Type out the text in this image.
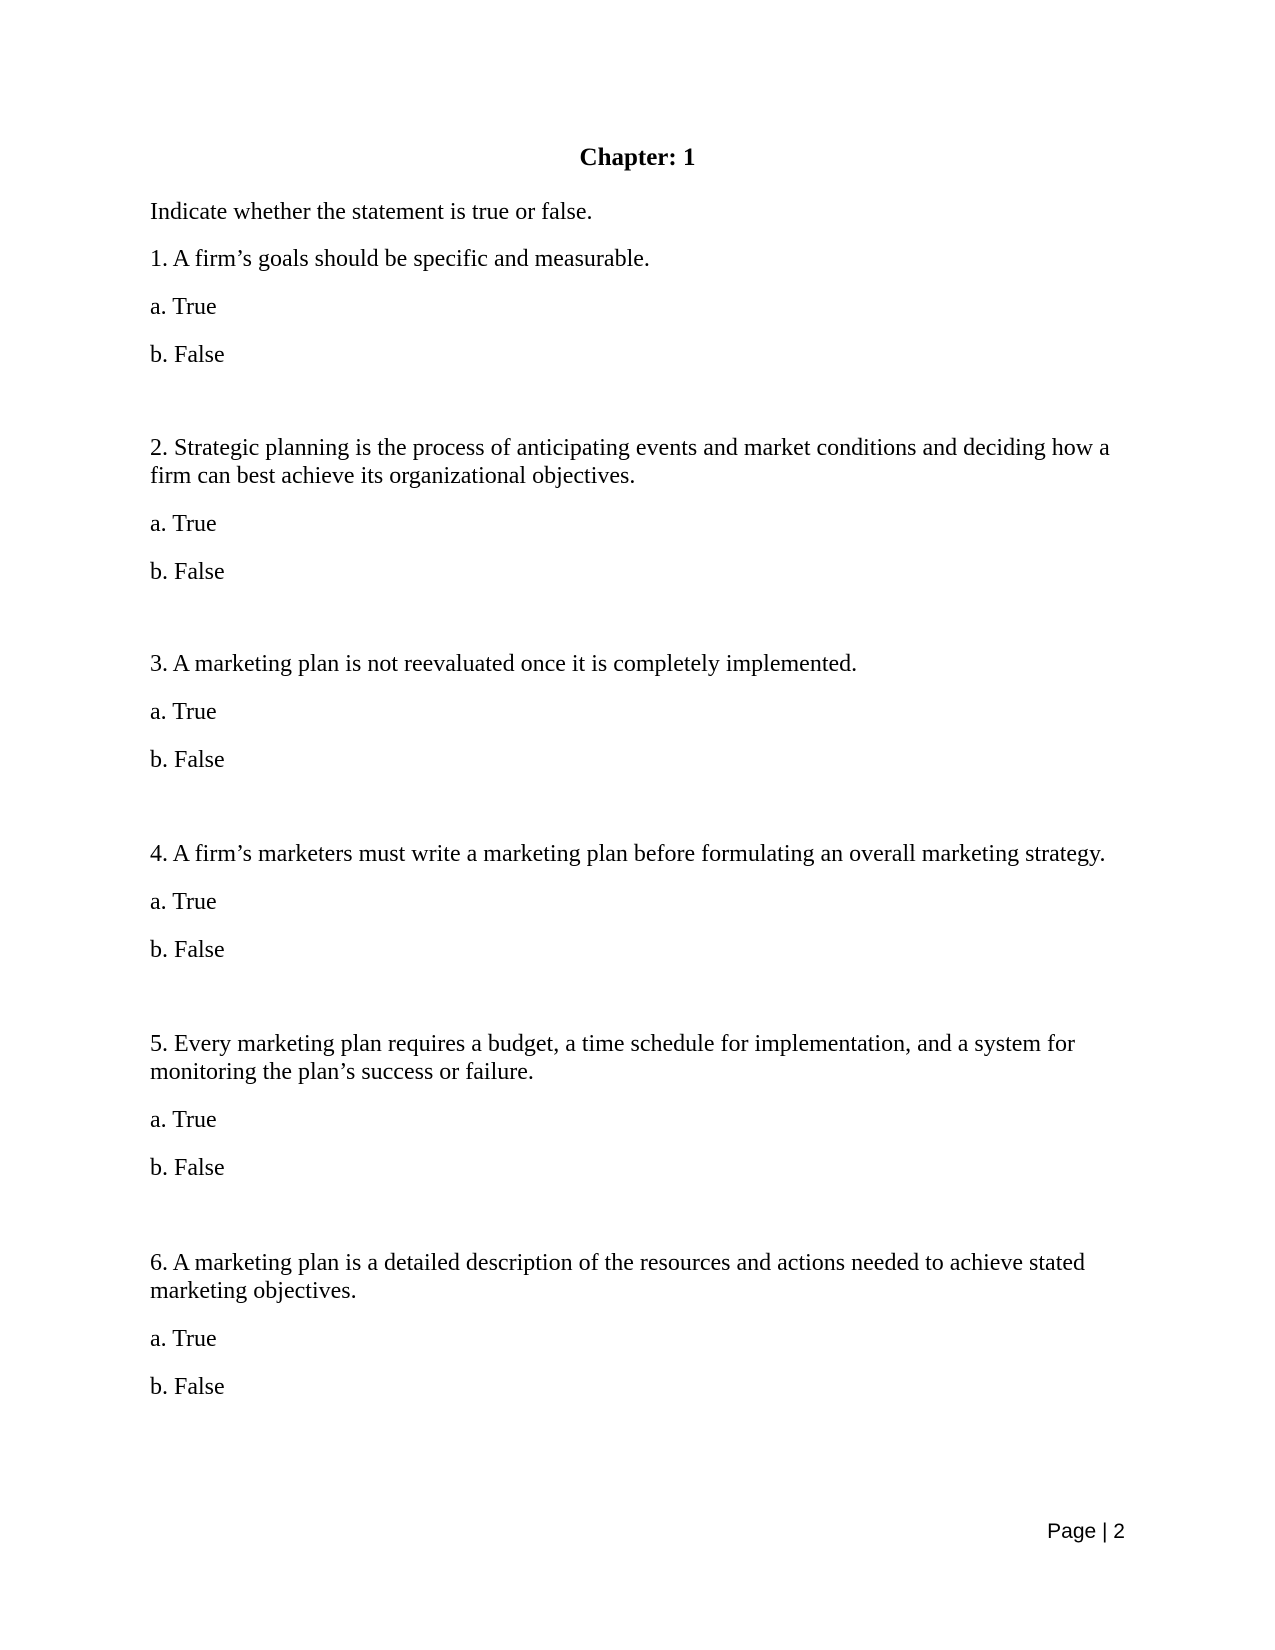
Chapter: 1
Indicate whether the statement is true or false.

1. A firm’s goals should be specific and measurable.

a. True

b. False

2. Strategic planning is the process of anticipating events and market conditions and deciding how a firm can best achieve its organizational objectives.

a. True

b. False

3. A marketing plan is not reevaluated once it is completely implemented.

a. True

b. False

4. A firm’s marketers must write a marketing plan before formulating an overall marketing strategy.

a. True

b. False

5. Every marketing plan requires a budget, a time schedule for implementation, and a system for monitoring the plan’s success or failure.

a. True

b. False

6. A marketing plan is a detailed description of the resources and actions needed to achieve stated marketing objectives.

a. True

b. False

Page | 2
